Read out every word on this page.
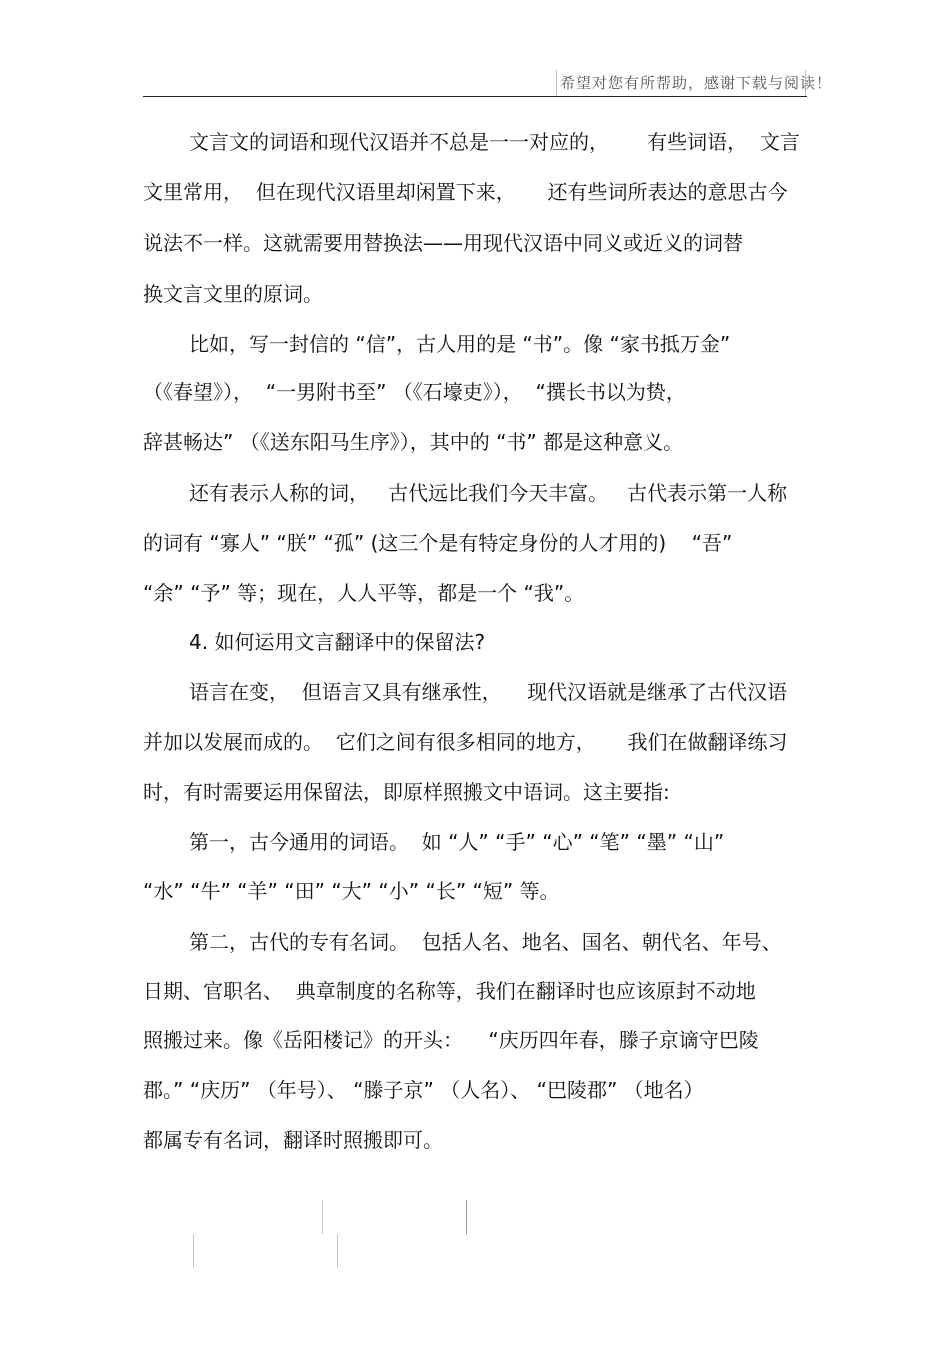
希望对您有所帮助，感谢下载与阅读！
文言文的词语和现代汉语并不总是一一对应的，      有些词语，  文言
文里常用，  但在现代汉语里却闲置下来，     还有些词所表达的意思古今
说法不一样。这就需要用替换法——用现代汉语中同义或近义的词替
换文言文里的原词。
比如，写一封信的 “信”，古人用的是 “书”。像 “家书抵万金”
（《春望》），  “一男附书至” （《石壕吏》），  “撰长书以为贽，
辞甚畅达” （《送东阳马生序》），其中的 “书” 都是这种意义。
还有表示人称的词，   古代远比我们今天丰富。   古代表示第一人称
的词有 “寡人” “朕” “孤” (这三个是有特定身份的人才用的)    “吾”
“余” “予” 等；现在，人人平等，都是一个 “我”。
4. 如何运用文言翻译中的保留法?
语言在变，  但语言又具有继承性，    现代汉语就是继承了古代汉语
并加以发展而成的。  它们之间有很多相同的地方，     我们在做翻译练习
时，有时需要运用保留法，即原样照搬文中语词。这主要指:
第一，古今通用的词语。  如 “人” “手” “心” “笔” “墨” “山”
“水” “牛” “羊” “田” “大” “小” “长” “短” 等。
第二，古代的专有名词。  包括人名、地名、国名、朝代名、年号、
日期、官职名、  典章制度的名称等，我们在翻译时也应该原封不动地
照搬过来。像《岳阳楼记》的开头：    “庆历四年春，滕子京谪守巴陵
郡。” “庆历” （年号）、 “滕子京” （人名）、 “巴陵郡” （地名）
都属专有名词，翻译时照搬即可。
